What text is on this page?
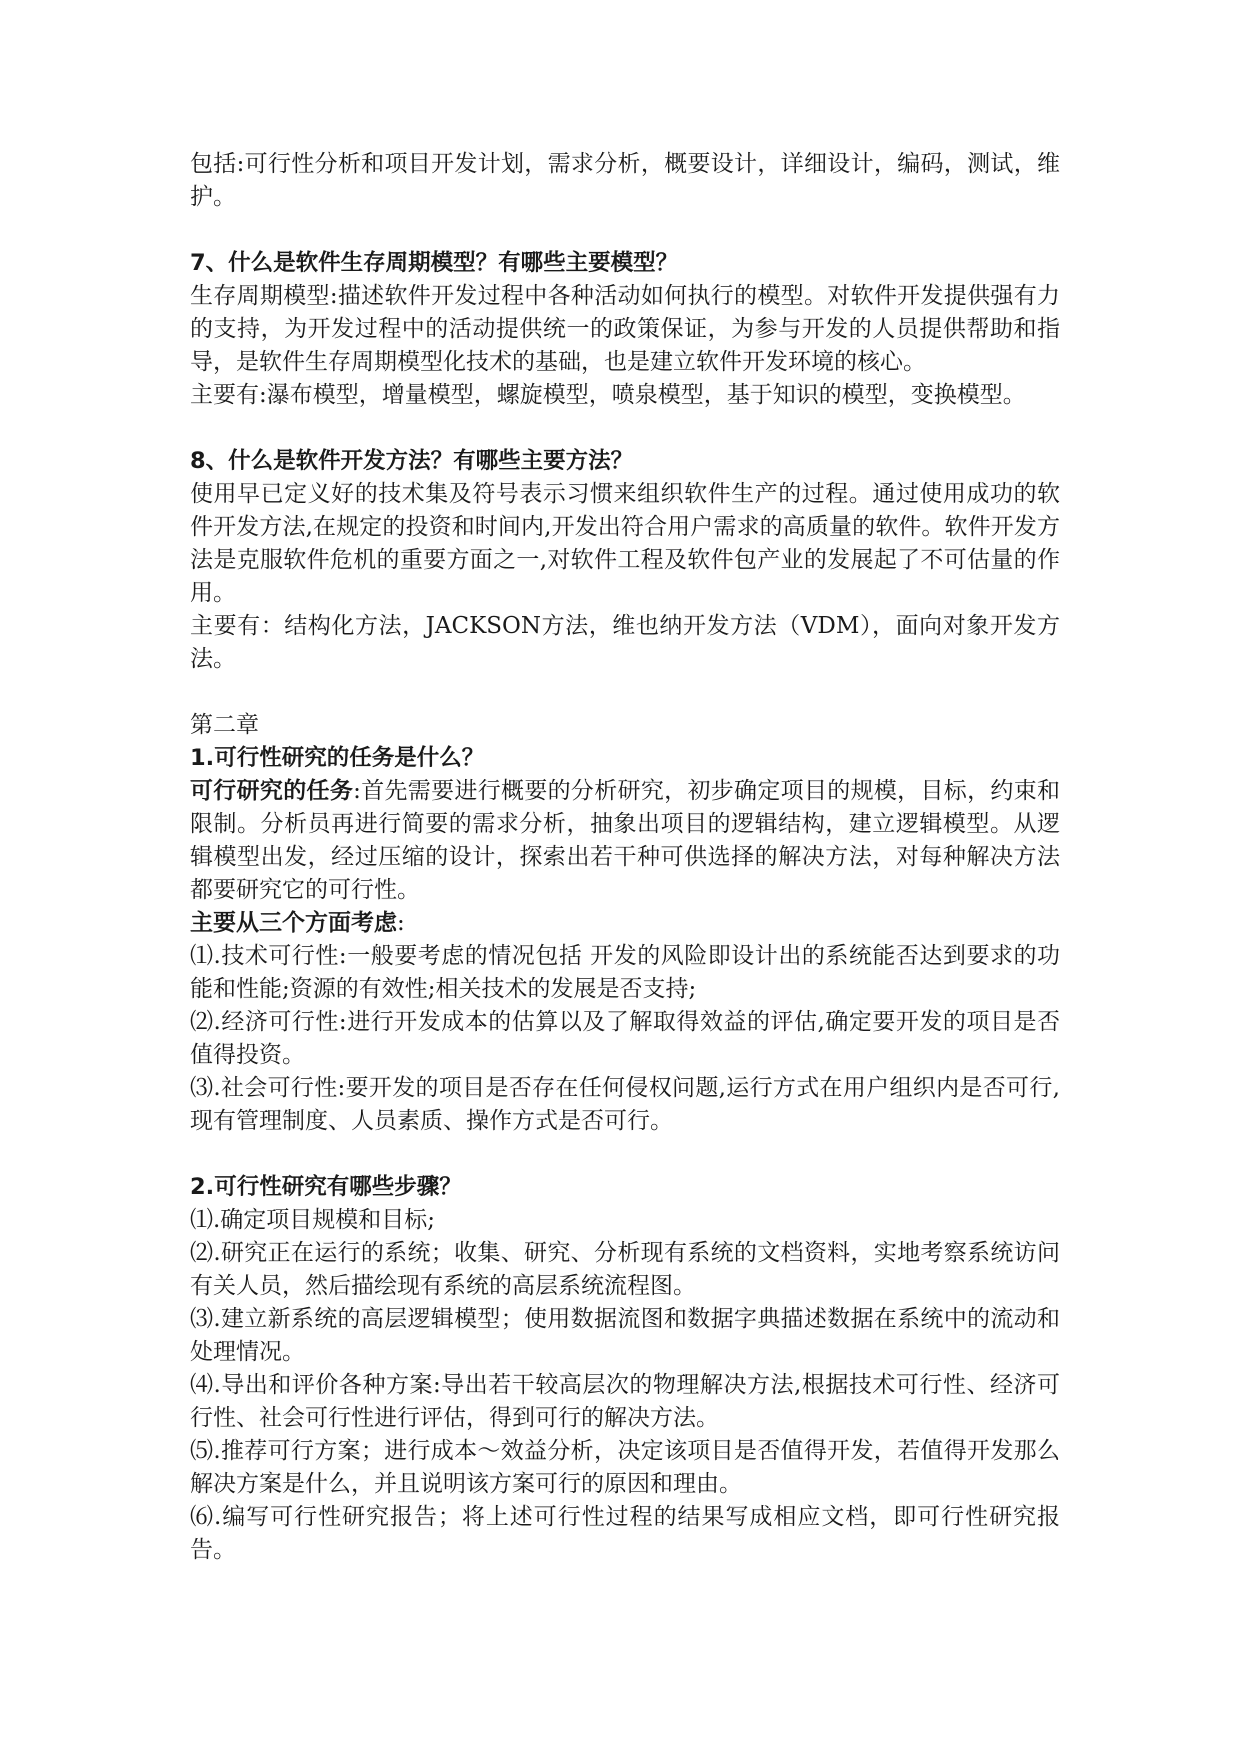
包括:可行性分析和项目开发计划，需求分析，概要设计，详细设计，编码，测试，维护。

7、什么是软件生存周期模型？有哪些主要模型？

生存周期模型:描述软件开发过程中各种活动如何执行的模型。对软件开发提供强有力的支持，为开发过程中的活动提供统一的政策保证，为参与开发的人员提供帮助和指导，是软件生存周期模型化技术的基础，也是建立软件开发环境的核心。

主要有:瀑布模型，增量模型，螺旋模型，喷泉模型，基于知识的模型，变换模型。

8、什么是软件开发方法？有哪些主要方法？

使用早已定义好的技术集及符号表示习惯来组织软件生产的过程。通过使用成功的软件开发方法,在规定的投资和时间内,开发出符合用户需求的高质量的软件。软件开发方法是克服软件危机的重要方面之一,对软件工程及软件包产业的发展起了不可估量的作用。

主要有：结构化方法，JACKSON方法，维也纳开发方法（VDM），面向对象开发方法。

第二章

1.可行性研究的任务是什么？

可行研究的任务:首先需要进行概要的分析研究，初步确定项目的规模，目标，约束和限制。分析员再进行简要的需求分析，抽象出项目的逻辑结构，建立逻辑模型。从逻辑模型出发，经过压缩的设计，探索出若干种可供选择的解决方法，对每种解决方法都要研究它的可行性。

主要从三个方面考虑:

⑴.技术可行性:一般要考虑的情况包括 开发的风险即设计出的系统能否达到要求的功能和性能;资源的有效性;相关技术的发展是否支持;

⑵.经济可行性:进行开发成本的估算以及了解取得效益的评估,确定要开发的项目是否值得投资。

⑶.社会可行性:要开发的项目是否存在任何侵权问题,运行方式在用户组织内是否可行,现有管理制度、人员素质、操作方式是否可行。

2.可行性研究有哪些步骤？

⑴.确定项目规模和目标;

⑵.研究正在运行的系统；收集、研究、分析现有系统的文档资料，实地考察系统访问有关人员，然后描绘现有系统的高层系统流程图。

⑶.建立新系统的高层逻辑模型；使用数据流图和数据字典描述数据在系统中的流动和处理情况。

⑷.导出和评价各种方案:导出若干较高层次的物理解决方法,根据技术可行性、经济可行性、社会可行性进行评估，得到可行的解决方法。

⑸.推荐可行方案；进行成本～效益分析，决定该项目是否值得开发，若值得开发那么解决方案是什么，并且说明该方案可行的原因和理由。

⑹.编写可行性研究报告；将上述可行性过程的结果写成相应文档，即可行性研究报告。
